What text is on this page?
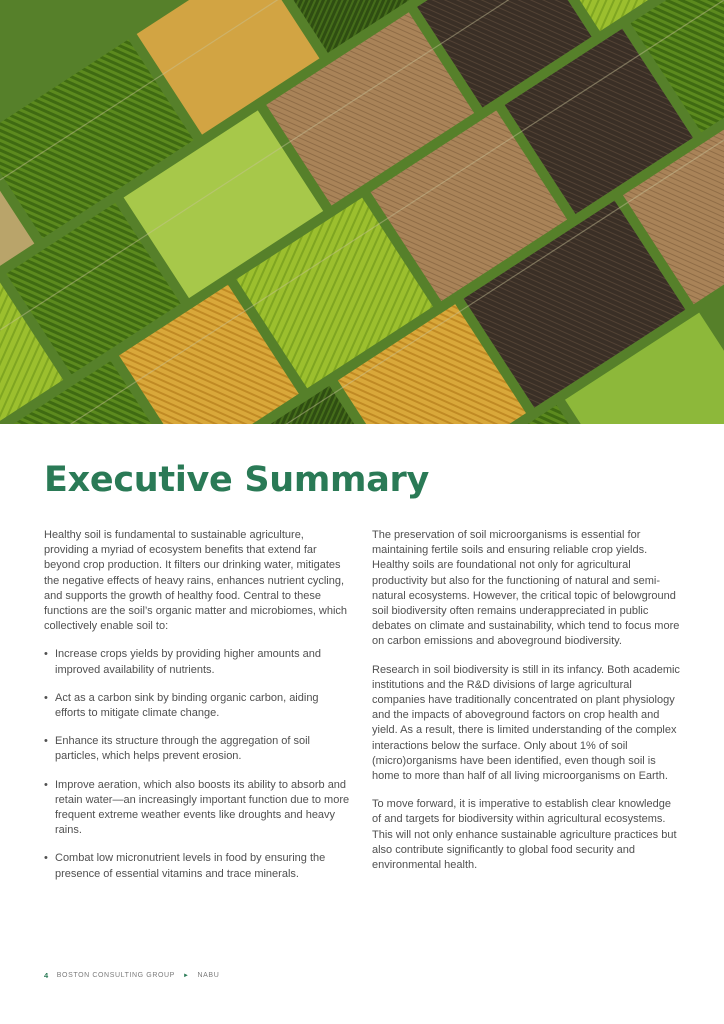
Executive Summary

Healthy soil is fundamental to sustainable agriculture, providing a myriad of ecosystem benefits that extend far beyond crop production. It filters our drinking water, mitigates the negative effects of heavy rains, enhances nutrient cycling, and supports the growth of healthy food. Central to these functions are the soil’s organic matter and microbiomes, which collectively enable soil to:

• Increase crops yields by providing higher amounts and improved availability of nutrients.
• Act as a carbon sink by binding organic carbon, aiding efforts to mitigate climate change.
• Enhance its structure through the aggregation of soil particles, which helps prevent erosion.
• Improve aeration, which also boosts its ability to absorb and retain water—an increasingly important function due to more frequent extreme weather events like droughts and heavy rains.
• Combat low micronutrient levels in food by ensuring the presence of essential vitamins and trace minerals.

The preservation of soil microorganisms is essential for maintaining fertile soils and ensuring reliable crop yields. Healthy soils are foundational not only for agricultural productivity but also for the functioning of natural and semi-natural ecosystems. However, the critical topic of belowground soil biodiversity often remains underappreciated in public debates on climate and sustainability, which tend to focus more on carbon emissions and aboveground biodiversity.

Research in soil biodiversity is still in its infancy. Both academic institutions and the R&D divisions of large agricultural companies have traditionally concentrated on plant physiology and the impacts of aboveground factors on crop health and yield. As a result, there is limited understanding of the complex interactions below the surface. Only about 1% of soil (micro)organisms have been identified, even though soil is home to more than half of all living microorganisms on Earth.

To move forward, it is imperative to establish clear knowledge of and targets for biodiversity within agricultural ecosystems. This will not only enhance sustainable agriculture practices but also contribute significantly to global food security and environmental health.

4 BOSTON CONSULTING GROUP ► NABU
